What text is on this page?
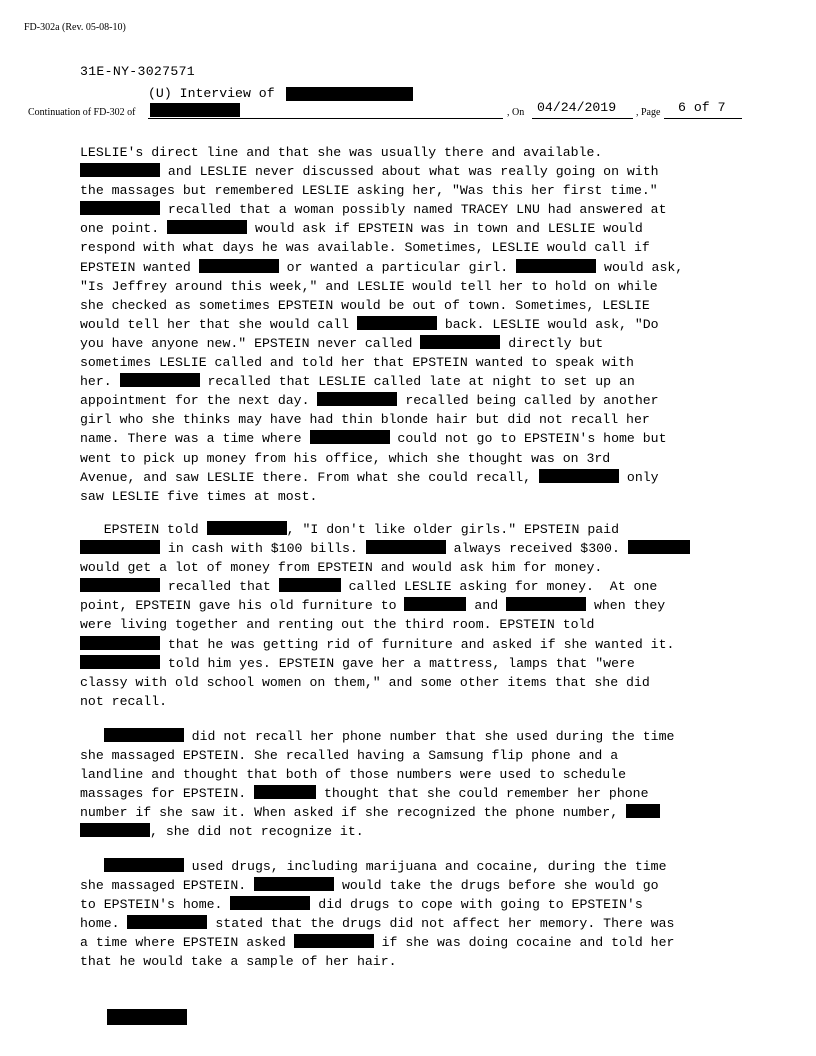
FD-302a (Rev. 05-08-10)
31E-NY-3027571
(U) Interview of
Continuation of FD-302 of	, On 04/24/2019 , Page 6 of 7
LESLIE's direct line and that she was usually there and available.
and LESLIE never discussed about what was really going on with
the massages but remembered LESLIE asking her, "Was this her first time."
recalled that a woman possibly named TRACEY LNU had answered at
one point.	would ask if EPSTEIN was in town and LESLIE would
respond with what days he was available. Sometimes, LESLIE would call if
EPSTEIN wanted	or wanted a particular girl.	would ask,
"Is Jeffrey around this week," and LESLIE would tell her to hold on while
she checked as sometimes EPSTEIN would be out of town. Sometimes, LESLIE
would tell her that she would call	back. LESLIE would ask, "Do
you have anyone new." EPSTEIN never called	directly but
sometimes LESLIE called and told her that EPSTEIN wanted to speak with
her.	recalled that LESLIE called late at night to set up an
appointment for the next day.	recalled being called by another
girl who she thinks may have had thin blonde hair but did not recall her
name. There was a time where	could not go to EPSTEIN's home but
went to pick up money from his office, which she thought was on 3rd
Avenue, and saw LESLIE there. From what she could recall,	only
saw LESLIE five times at most.
EPSTEIN told	, "I don't like older girls." EPSTEIN paid
in cash with $100 bills.	always received $300.
would get a lot of money from EPSTEIN and would ask him for money.
recalled that	called LESLIE asking for money.  At one
point, EPSTEIN gave his old furniture to	and	when they
were living together and renting out the third room. EPSTEIN told
that he was getting rid of furniture and asked if she wanted it.
told him yes. EPSTEIN gave her a mattress, lamps that "were
classy with old school women on them," and some other items that she did
not recall.
did not recall her phone number that she used during the time
she massaged EPSTEIN. She recalled having a Samsung flip phone and a
landline and thought that both of those numbers were used to schedule
massages for EPSTEIN.	thought that she could remember her phone
number if she saw it. When asked if she recognized the phone number,
, she did not recognize it.
used drugs, including marijuana and cocaine, during the time
she massaged EPSTEIN.	would take the drugs before she would go
to EPSTEIN's home.	did drugs to cope with going to EPSTEIN's
home.	stated that the drugs did not affect her memory. There was
a time where EPSTEIN asked	if she was doing cocaine and told her
that he would take a sample of her hair.
